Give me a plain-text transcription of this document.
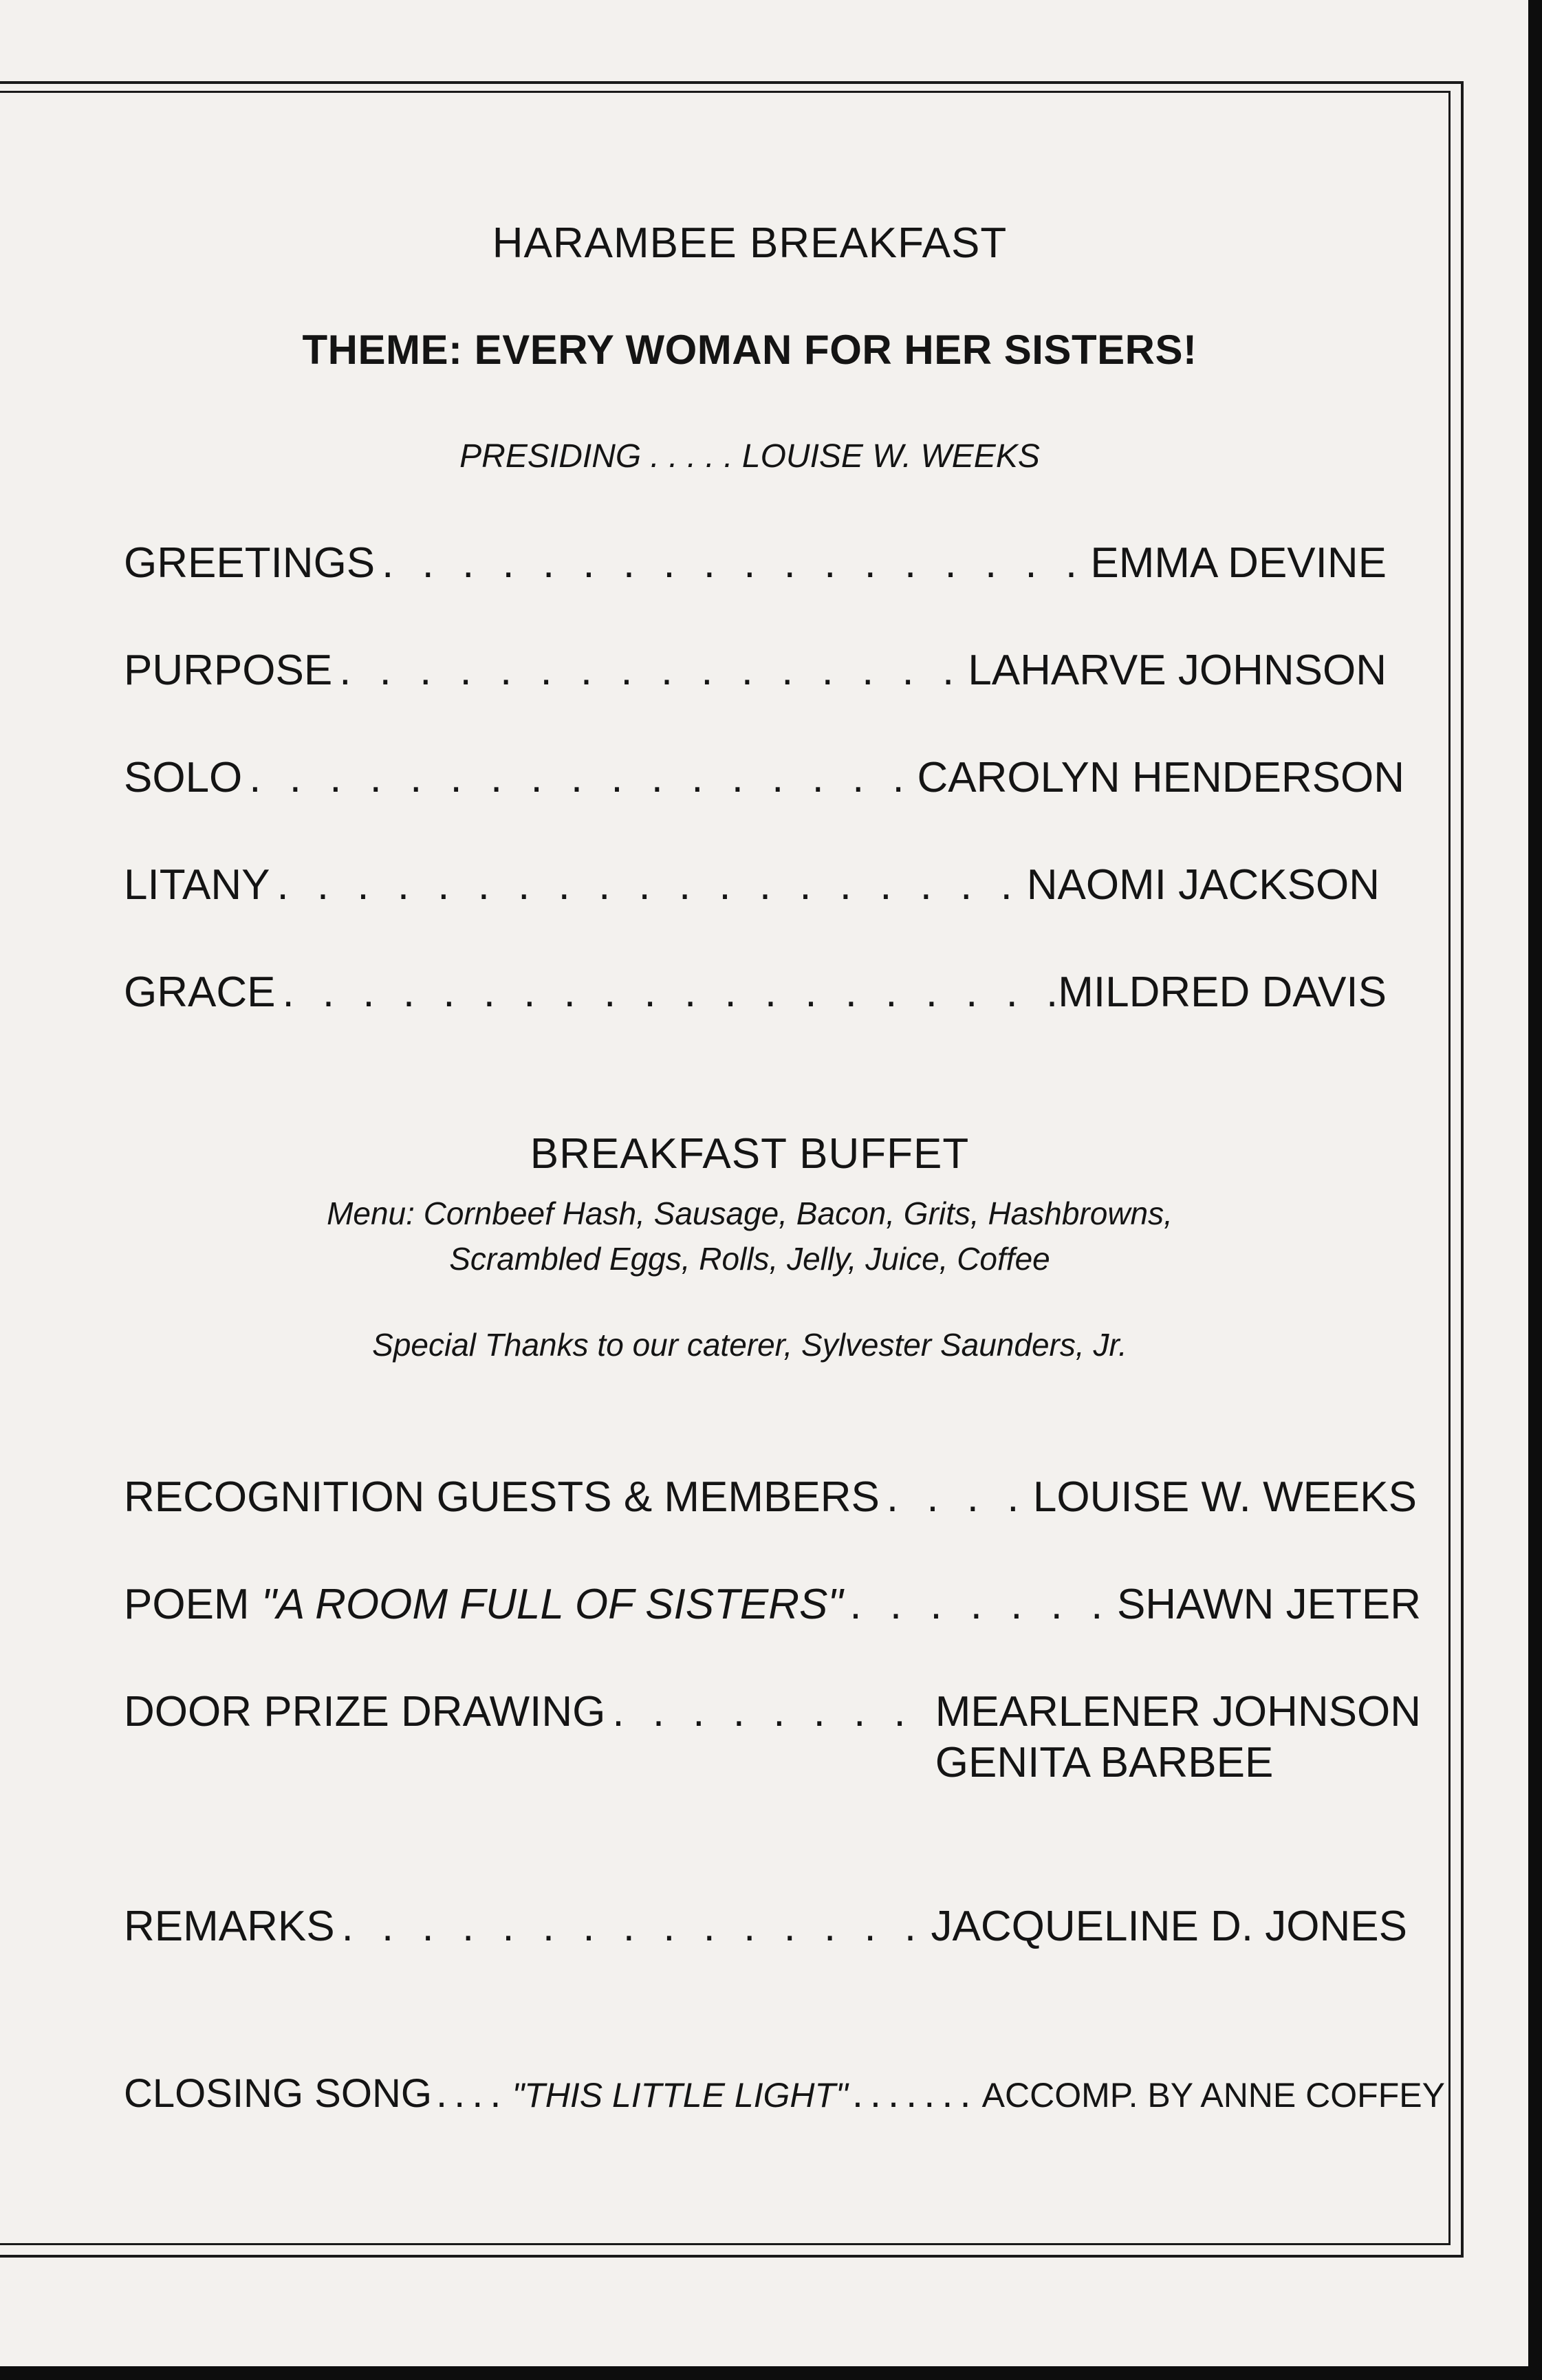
HARAMBEE BREAKFAST
THEME: EVERY WOMAN FOR HER SISTERS!
PRESIDING . . . . . LOUISE W. WEEKS
GREETINGS . . .	EMMA DEVINE
PURPOSE . . .	LAHARVE JOHNSON
SOLO . . .	CAROLYN HENDERSON
LITANY . . .	NAOMI JACKSON
GRACE . . .	MILDRED DAVIS
BREAKFAST BUFFET
Menu: Cornbeef Hash, Sausage, Bacon, Grits, Hashbrowns,
Scrambled Eggs, Rolls, Jelly, Juice, Coffee
Special Thanks to our caterer, Sylvester Saunders, Jr.
RECOGNITION GUESTS & MEMBERS . . .	LOUISE W. WEEKS
POEM "A ROOM FULL OF SISTERS" . . .	SHAWN JETER
DOOR PRIZE DRAWING . . .	MEARLENER JOHNSON
GENITA BARBEE
REMARKS . . .	JACQUELINE D. JONES
CLOSING SONG .... "THIS LITTLE LIGHT" ....... ACCOMP. BY ANNE COFFEY
